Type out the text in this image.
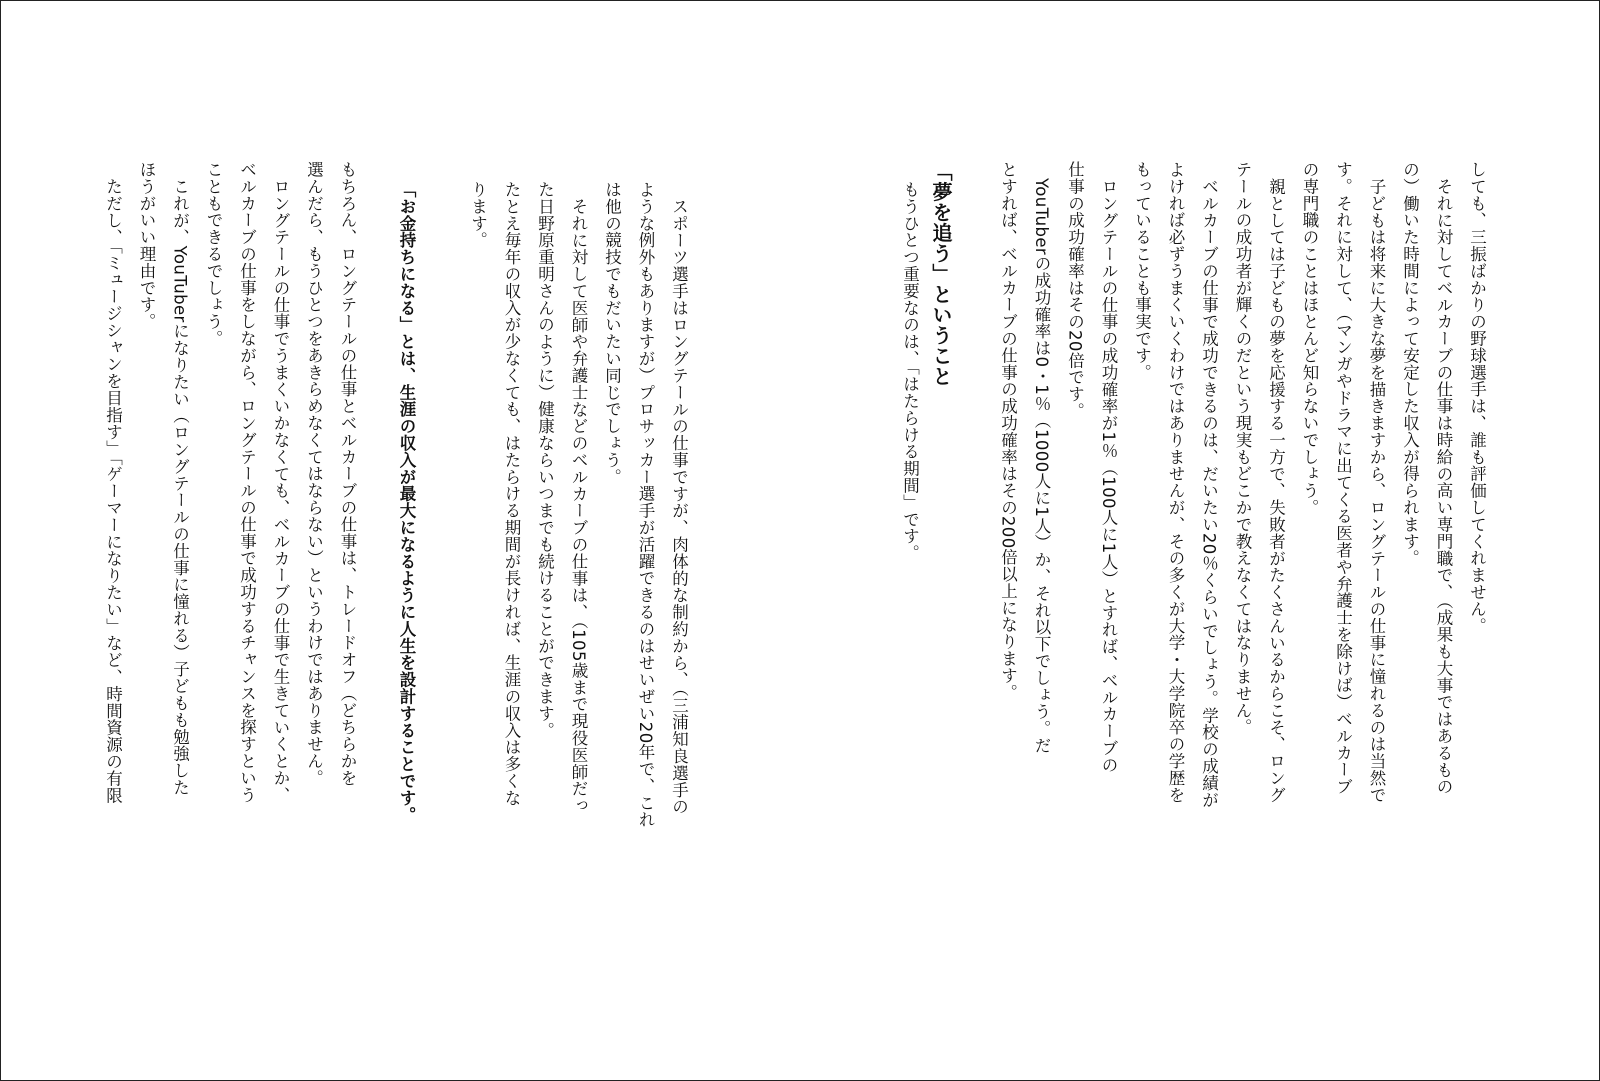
しても、三振ばかりの野球選手は、誰も評価してくれません。

それに対してベルカーブの仕事は時給の高い専門職で、（成果も大事ではあるもの

の）働いた時間によって安定した収入が得られます。

子どもは将来に大きな夢を描きますから、ロングテールの仕事に憧れるのは当然で

す。それに対して、（マンガやドラマに出てくる医者や弁護士を除けば）ベルカーブ

の専門職のことはほとんど知らないでしょう。

親としては子どもの夢を応援する一方で、失敗者がたくさんいるからこそ、ロング

テールの成功者が輝くのだという現実もどこかで教えなくてはなりません。

ベルカーブの仕事で成功できるのは、だいたい20％くらいでしょう。学校の成績が

よければ必ずうまくいくわけではありませんが、その多くが大学・大学院卒の学歴を

もっていることも事実です。

ロングテールの仕事の成功確率が1％（100人に1人）とすれば、ベルカーブの

仕事の成功確率はその20倍です。

YouTuberの成功確率は0・1％（1000人に1人）か、それ以下でしょう。だ

とすれば、ベルカーブの仕事の成功確率はその200倍以上になります。

「夢を追う」ということ

もうひとつ重要なのは、「はたらける期間」です。

スポーツ選手はロングテールの仕事ですが、肉体的な制約から、（三浦知良選手の

ような例外もありますが）プロサッカー選手が活躍できるのはせいぜい20年で、これ

は他の競技でもだいたい同じでしょう。

それに対して医師や弁護士などのベルカーブの仕事は、（105歳まで現役医師だっ

た日野原重明さんのように）健康ならいつまでも続けることができます。

たとえ毎年の収入が少なくても、はたらける期間が長ければ、生涯の収入は多くな

ります。

「お金持ちになる」とは、生涯の収入が最大になるように人生を設計することです。

もちろん、ロングテールの仕事とベルカーブの仕事は、トレードオフ（どちらかを

選んだら、もうひとつをあきらめなくてはならない）というわけではありません。

ロングテールの仕事でうまくいかなくても、ベルカーブの仕事で生きていくとか、

ベルカーブの仕事をしながら、ロングテールの仕事で成功するチャンスを探すという

こともできるでしょう。

これが、YouTuberになりたい（ロングテールの仕事に憧れる）子どもも勉強した

ほうがいい理由です。

ただし、「ミュージシャンを目指す」「ゲーマーになりたい」など、時間資源の有限
